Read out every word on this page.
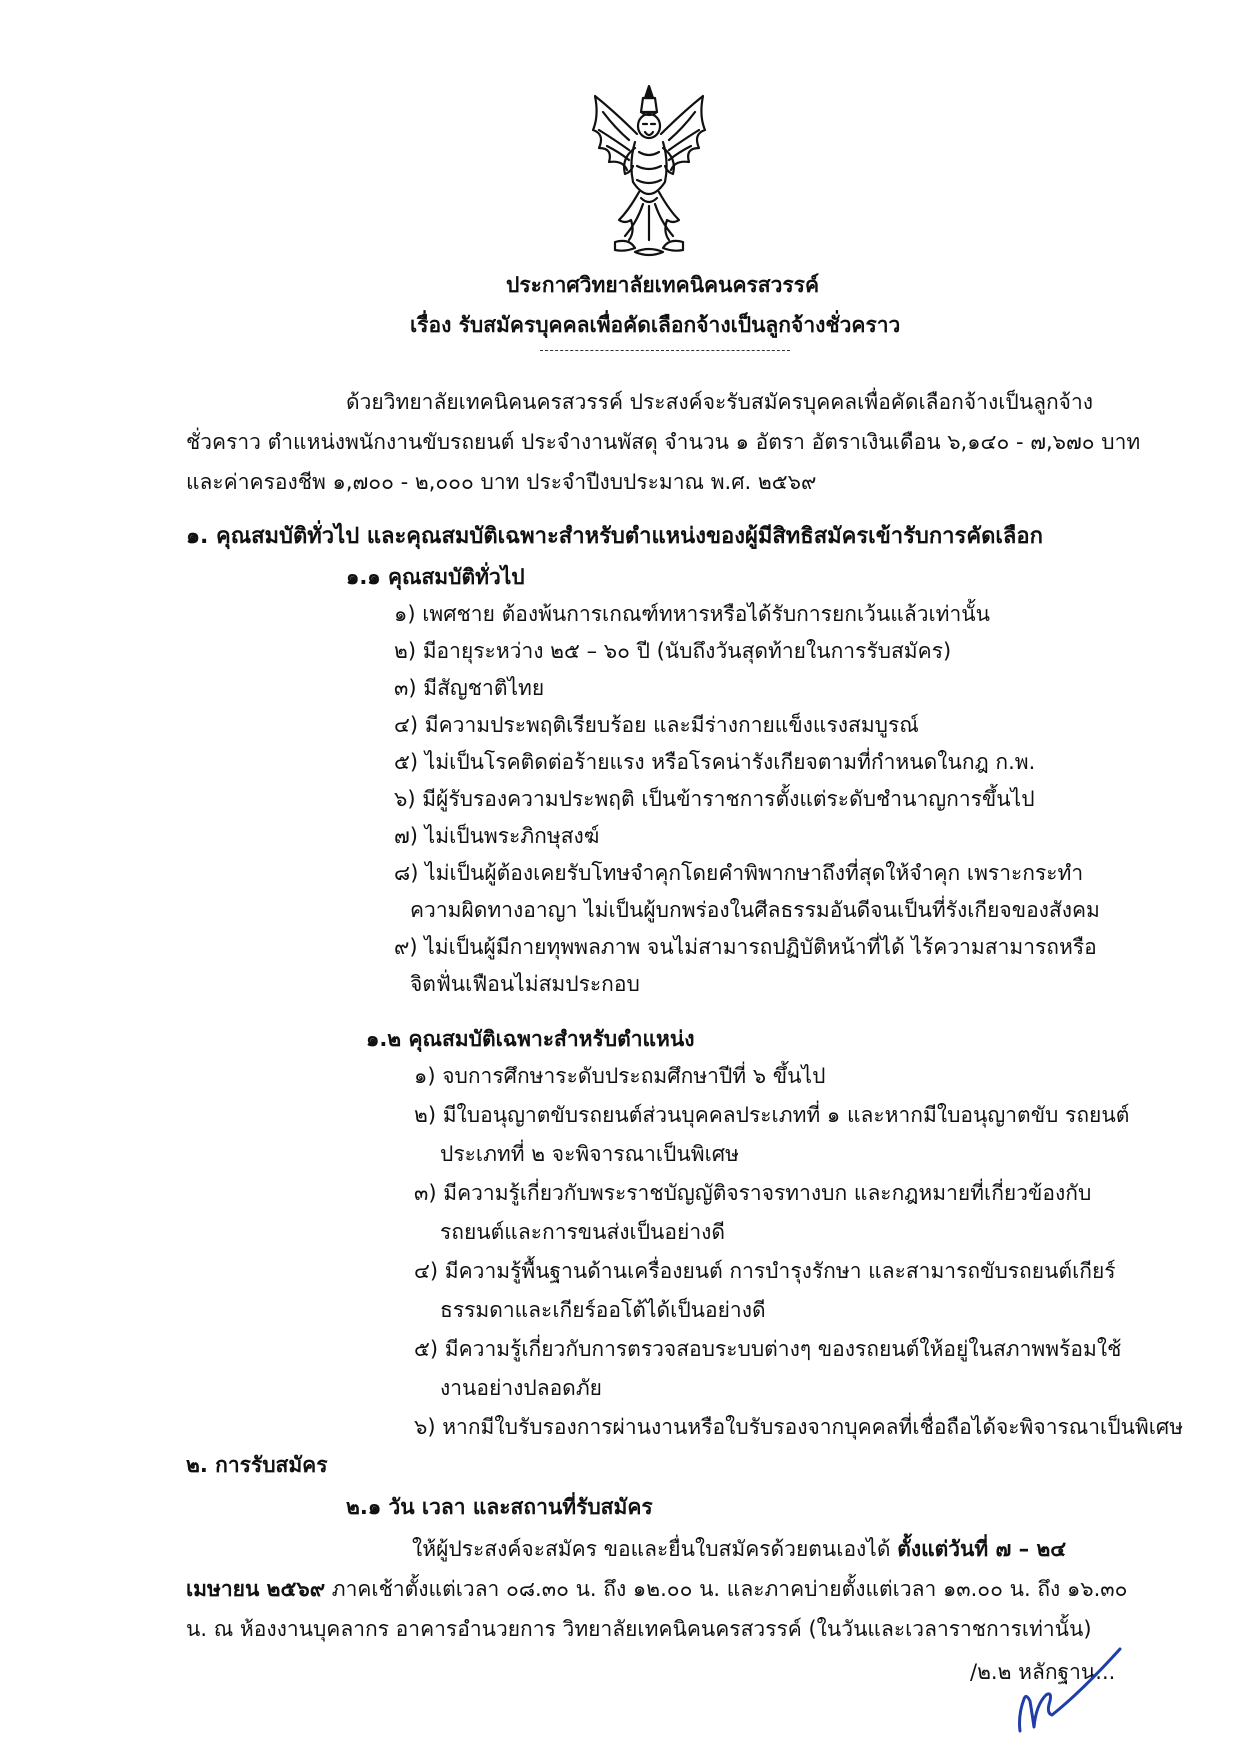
ประกาศวิทยาลัยเทคนิคนครสวรรค์
เรื่อง รับสมัครบุคคลเพื่อคัดเลือกจ้างเป็นลูกจ้างชั่วคราว
ด้วยวิทยาลัยเทคนิคนครสวรรค์ ประสงค์จะรับสมัครบุคคลเพื่อคัดเลือกจ้างเป็นลูกจ้าง
ชั่วคราว ตำแหน่งพนักงานขับรถยนต์ ประจำงานพัสดุ จำนวน ๑ อัตรา อัตราเงินเดือน ๖,๑๔๐ - ๗,๖๗๐ บาท
และค่าครองชีพ ๑,๗๐๐ - ๒,๐๐๐ บาท ประจำปีงบประมาณ พ.ศ. ๒๕๖๙
๑. คุณสมบัติทั่วไป และคุณสมบัติเฉพาะสำหรับตำแหน่งของผู้มีสิทธิสมัครเข้ารับการคัดเลือก
๑.๑ คุณสมบัติทั่วไป
๑) เพศชาย ต้องพ้นการเกณฑ์ทหารหรือได้รับการยกเว้นแล้วเท่านั้น
๒) มีอายุระหว่าง ๒๕ – ๖๐ ปี (นับถึงวันสุดท้ายในการรับสมัคร)
๓) มีสัญชาติไทย
๔) มีความประพฤติเรียบร้อย และมีร่างกายแข็งแรงสมบูรณ์
๕) ไม่เป็นโรคติดต่อร้ายแรง หรือโรคน่ารังเกียจตามที่กำหนดในกฎ ก.พ.
๖) มีผู้รับรองความประพฤติ เป็นข้าราชการตั้งแต่ระดับชำนาญการขึ้นไป
๗) ไม่เป็นพระภิกษุสงฆ์
๘) ไม่เป็นผู้ต้องเคยรับโทษจำคุกโดยคำพิพากษาถึงที่สุดให้จำคุก เพราะกระทำ
ความผิดทางอาญา ไม่เป็นผู้บกพร่องในศีลธรรมอันดีจนเป็นที่รังเกียจของสังคม
๙) ไม่เป็นผู้มีกายทุพพลภาพ จนไม่สามารถปฏิบัติหน้าที่ได้ ไร้ความสามารถหรือ
จิตฟั่นเฟือนไม่สมประกอบ
๑.๒ คุณสมบัติเฉพาะสำหรับตำแหน่ง
๑) จบการศึกษาระดับประถมศึกษาปีที่ ๖ ขึ้นไป
๒) มีใบอนุญาตขับรถยนต์ส่วนบุคคลประเภทที่ ๑ และหากมีใบอนุญาตขับ รถยนต์
ประเภทที่ ๒ จะพิจารณาเป็นพิเศษ
๓) มีความรู้เกี่ยวกับพระราชบัญญัติจราจรทางบก และกฎหมายที่เกี่ยวข้องกับ
รถยนต์และการขนส่งเป็นอย่างดี
๔) มีความรู้พื้นฐานด้านเครื่องยนต์ การบำรุงรักษา และสามารถขับรถยนต์เกียร์
ธรรมดาและเกียร์ออโต้ได้เป็นอย่างดี
๕) มีความรู้เกี่ยวกับการตรวจสอบระบบต่างๆ ของรถยนต์ให้อยู่ในสภาพพร้อมใช้
งานอย่างปลอดภัย
๖) หากมีใบรับรองการผ่านงานหรือใบรับรองจากบุคคลที่เชื่อถือได้จะพิจารณาเป็นพิเศษ
๒. การรับสมัคร
๒.๑ วัน เวลา และสถานที่รับสมัคร
ให้ผู้ประสงค์จะสมัคร ขอและยื่นใบสมัครด้วยตนเองได้ ตั้งแต่วันที่ ๗ – ๒๔
เมษายน ๒๕๖๙ ภาคเช้าตั้งแต่เวลา ๐๘.๓๐ น. ถึง ๑๒.๐๐ น. และภาคบ่ายตั้งแต่เวลา ๑๓.๐๐ น. ถึง ๑๖.๓๐
น. ณ ห้องงานบุคลากร อาคารอำนวยการ วิทยาลัยเทคนิคนครสวรรค์ (ในวันและเวลาราชการเท่านั้น)
/๒.๒ หลักฐาน...
